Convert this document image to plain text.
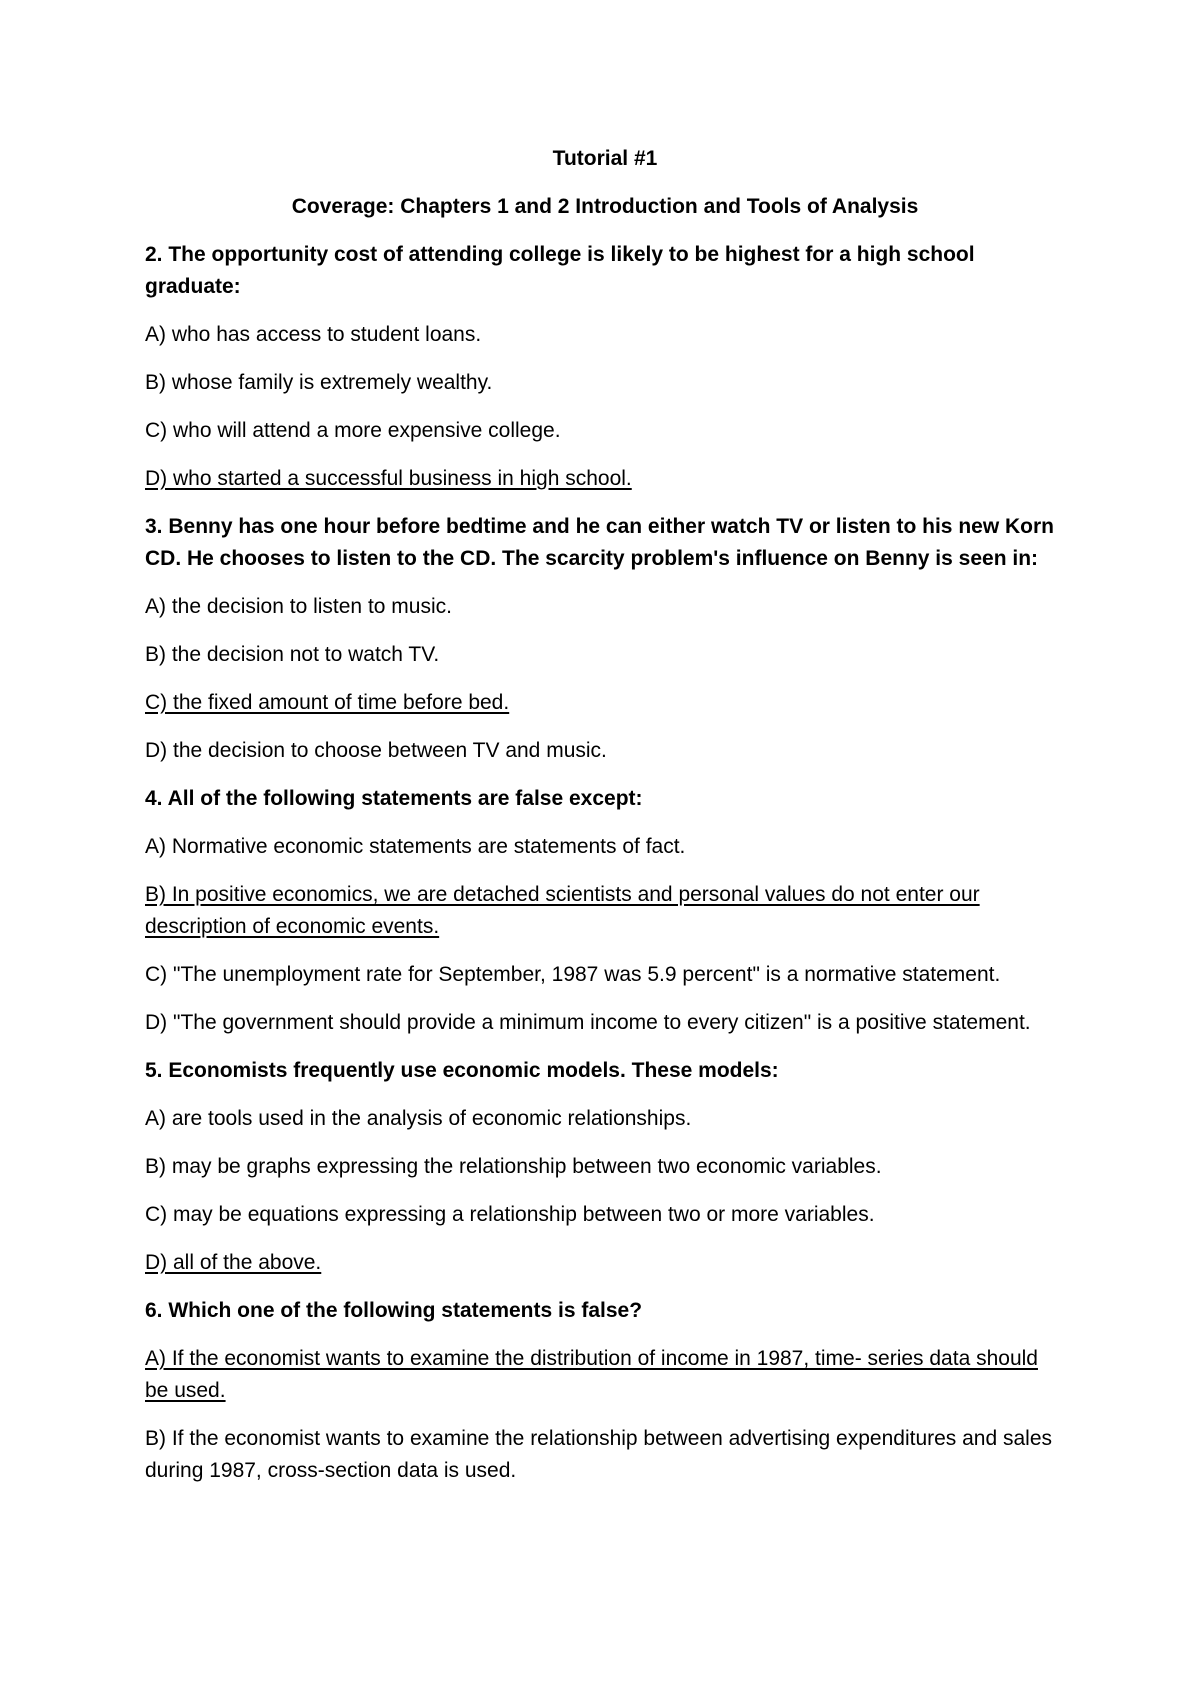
Tutorial #1

Coverage: Chapters 1 and 2 Introduction and Tools of Analysis

2. The opportunity cost of attending college is likely to be highest for a high school graduate:

A) who has access to student loans.

B) whose family is extremely wealthy.

C) who will attend a more expensive college.

D) who started a successful business in high school.

3. Benny has one hour before bedtime and he can either watch TV or listen to his new Korn CD. He chooses to listen to the CD. The scarcity problem's influence on Benny is seen in:

A) the decision to listen to music.

B) the decision not to watch TV.

C) the fixed amount of time before bed.

D) the decision to choose between TV and music.

4. All of the following statements are false except:

A) Normative economic statements are statements of fact.

B) In positive economics, we are detached scientists and personal values do not enter our description of economic events.

C) "The unemployment rate for September, 1987 was 5.9 percent" is a normative statement.

D) "The government should provide a minimum income to every citizen" is a positive statement.

5. Economists frequently use economic models. These models:

A) are tools used in the analysis of economic relationships.

B) may be graphs expressing the relationship between two economic variables.

C) may be equations expressing a relationship between two or more variables.

D) all of the above.

6. Which one of the following statements is false?

A) If the economist wants to examine the distribution of income in 1987, time- series data should be used.

B) If the economist wants to examine the relationship between advertising expenditures and sales during 1987, cross-section data is used.
